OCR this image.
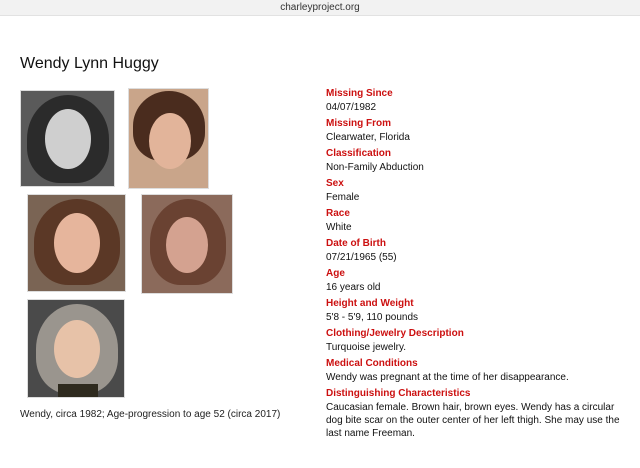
charleyproject.org
Wendy Lynn Huggy
Wendy, circa 1982; Age-progression to age 52 (circa 2017)
Missing Since
04/07/1982
Missing From
Clearwater, Florida
Classification
Non-Family Abduction
Sex
Female
Race
White
Date of Birth
07/21/1965 (55)
Age
16 years old
Height and Weight
5'8 - 5'9, 110 pounds
Clothing/Jewelry Description
Turquoise jewelry.
Medical Conditions
Wendy was pregnant at the time of her disappearance.
Distinguishing Characteristics
Caucasian female. Brown hair, brown eyes. Wendy has a circular dog bite scar on the outer center of her left thigh. She may use the last name Freeman.
